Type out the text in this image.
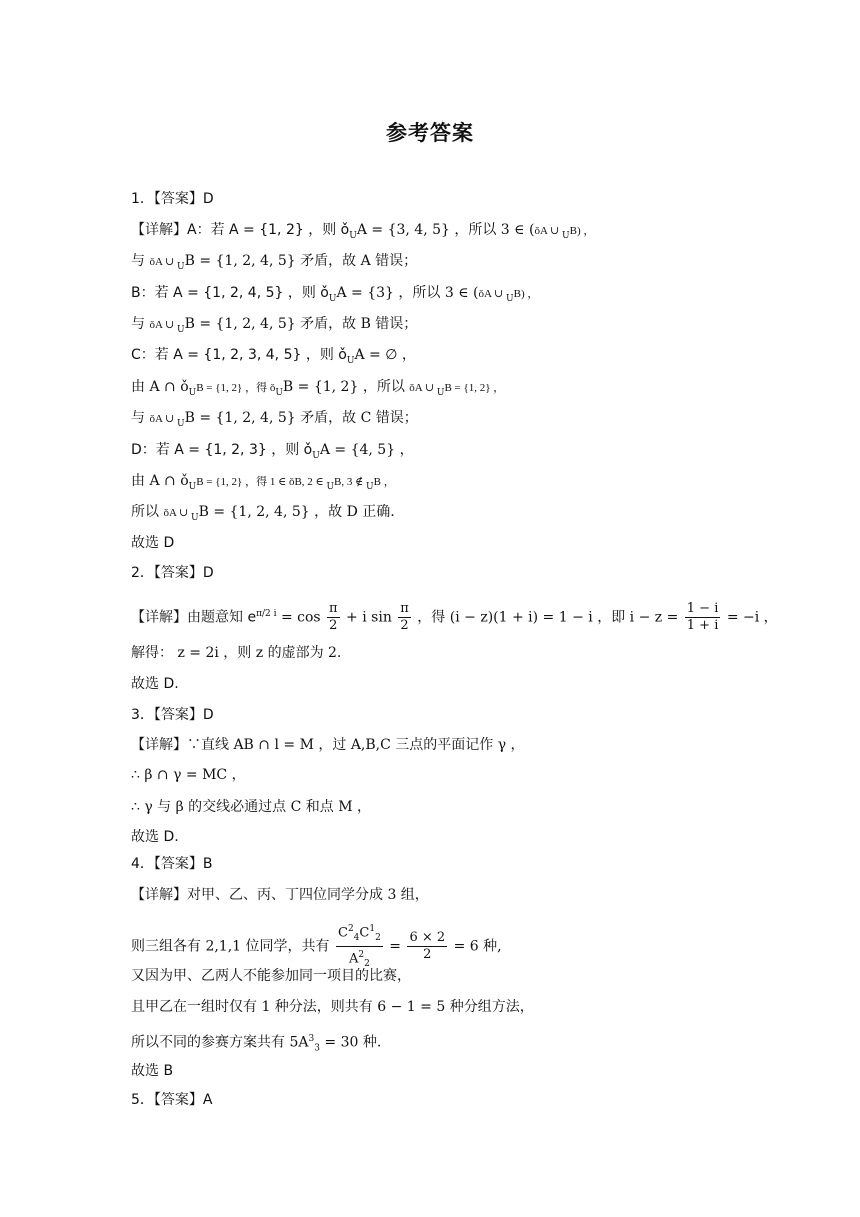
参考答案
1．【答案】D
【详解】A：若 A = {1, 2} ，则 $ǒ_UA = \{3$, 4, 5} ，所以 3 ∈ (ǒA ∪ $_U$B) ，
与 ǒA ∪ $_U$B = {1, 2, 4, 5} 矛盾，故 A 错误；
B：若 A = {1, 2, 4, 5} ，则 $ǒ_UA = \{3\}$ ，所以 3 ∈ (ǒA ∪ $_U$B) ，
与 ǒA ∪ $_U$B = {1, 2, 4, 5} 矛盾，故 B 错误；
C：若 A = {1, 2, 3, 4, 5} ，则 $ǒ_UA$ = ∅ ，
由 A ∩ $ǒ_UB = \{1$, 2} ，得 $ǒ_UB = \{1$, 2} ，所以 ǒA ∪ $_U$B = {1, 2} ，
与 ǒA ∪ $_U$B = {1, 2, 4, 5} 矛盾，故 C 错误；
D：若 A = {1, 2, 3} ，则 $ǒ_UA = \{4$, 5} ，
由 A ∩ $ǒ_UB = \{1$, 2} ，得 1 ∈ ǒB, 2 ∈ $_U$B, 3 ∉ $_U$B ，
所以 ǒA ∪ $_U$B = {1, 2, 4, 5} ，故 D 正确.
故选 D
2．【答案】D
【详解】由题意知 $e^{\pi/2 i} = \cos \frac{\pi}{2} + i$ $\sin \frac{\pi}{2}$ ，得 (i − z)(1 + i) = 1 − i ，即 $i - z = \frac{1 - i}{1 + i} = -i$ ，
解得： z = 2i ，则 z 的虚部为 2.
故选 D.
3．【答案】D
【详解】∵直线 AB ∩ l = M ，过 A,B,C 三点的平面记作 γ ，
∴ β ∩ γ = MC ，
∴ γ 与 β 的交线必通过点 C 和点 M ，
故选 D.
4．【答案】B
【详解】对甲、乙、丙、丁四位同学分成 3 组，
则三组各有 2,1,1 位同学，共有 $\frac{C^2_4C^1_2}{A^2_2} = \frac{6 \times 2}{2} = 6$ 种,
又因为甲、乙两人不能参加同一项目的比赛，
且甲乙在一组时仅有 1 种分法，则共有 6 − 1 = 5 种分组方法，
所以不同的参赛方案共有 $5A^3_3 = 30$ 种.
故选 B
5．【答案】A
